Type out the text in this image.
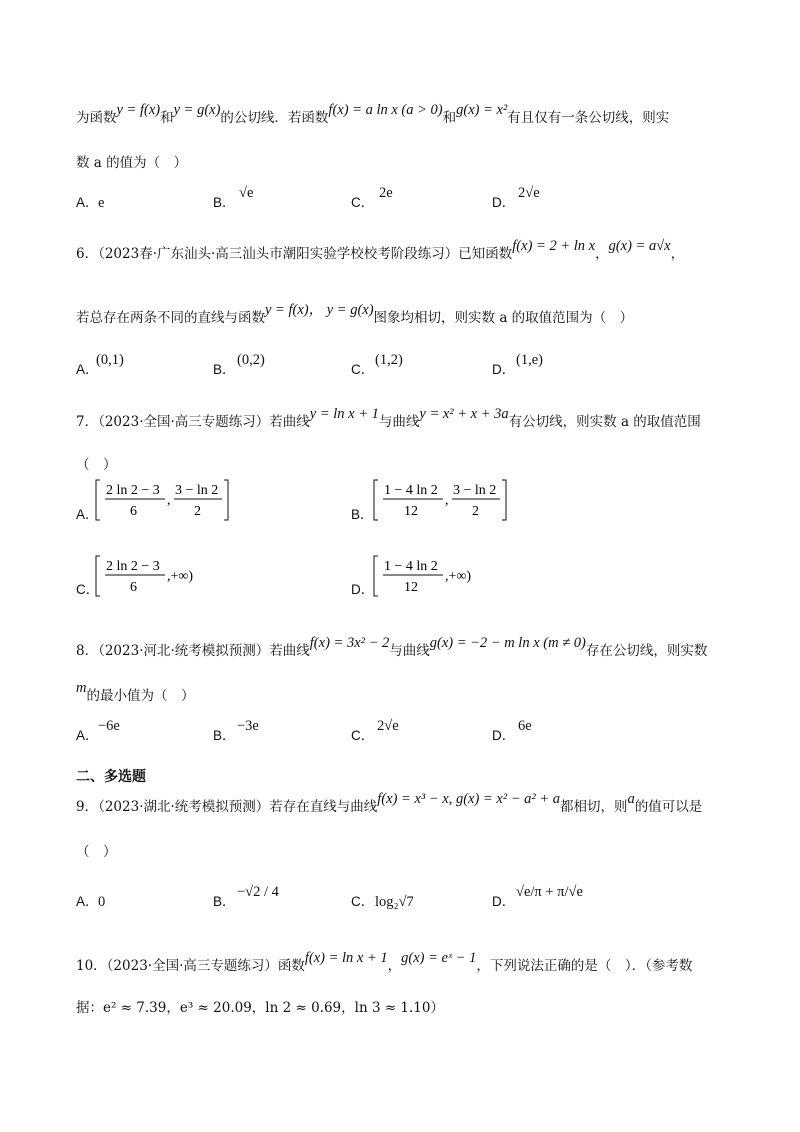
为函数y = f(x)和y = g(x)的公切线．若函数f(x) = a ln x (a > 0)和g(x) = x²有且仅有一条公切线，则实
数 a 的值为（　）
A． e	B．
√e
C．
2e
D．
2√e
6．（2023春·广东汕头·高三汕头市潮阳实验学校校考阶段练习）已知函数f(x) = 2 + ln x，g(x) = a√x，
若总存在两条不同的直线与函数y = f(x)， y = g(x)图象均相切，则实数 a 的取值范围为（　）
A．
(0,1)
B．
(0,2)
C．
(1,2)
D．
(1,e)
7．（2023·全国·高三专题练习）若曲线y = ln x + 1与曲线y = x² + x + 3a有公切线，则实数 a 的取值范围
（　）
A．
2 ln 2 − 3
6
,
3 − ln 2
2	B．
1 − 4 ln 2
12
,
3 − ln 2
2
C．
2 ln 2 − 3
6
,+∞)
D．
1 − 4 ln 2
12
,+∞)
8．（2023·河北·统考模拟预测）若曲线f(x) = 3x² − 2与曲线g(x) = −2 − m ln x (m ≠ 0)存在公切线，则实数
m的最小值为（　）
A．
−6e
B．
−3e
C．
2√e
D．
6e
二、多选题
9．（2023·湖北·统考模拟预测）若存在直线与曲线f(x) = x³ − x, g(x) = x² − a² + a都相切，则a的值可以是
（　）
A． 0	B．
−√2 / 4
C． log₂√7	D．
√e/π + π/√e
10．（2023·全国·高三专题练习）函数f(x) = ln x + 1，g(x) = eˣ − 1，下列说法正确的是（　）．（参考数
据：e² ≈ 7.39，e³ ≈ 20.09，ln 2 ≈ 0.69，ln 3 ≈ 1.10）
